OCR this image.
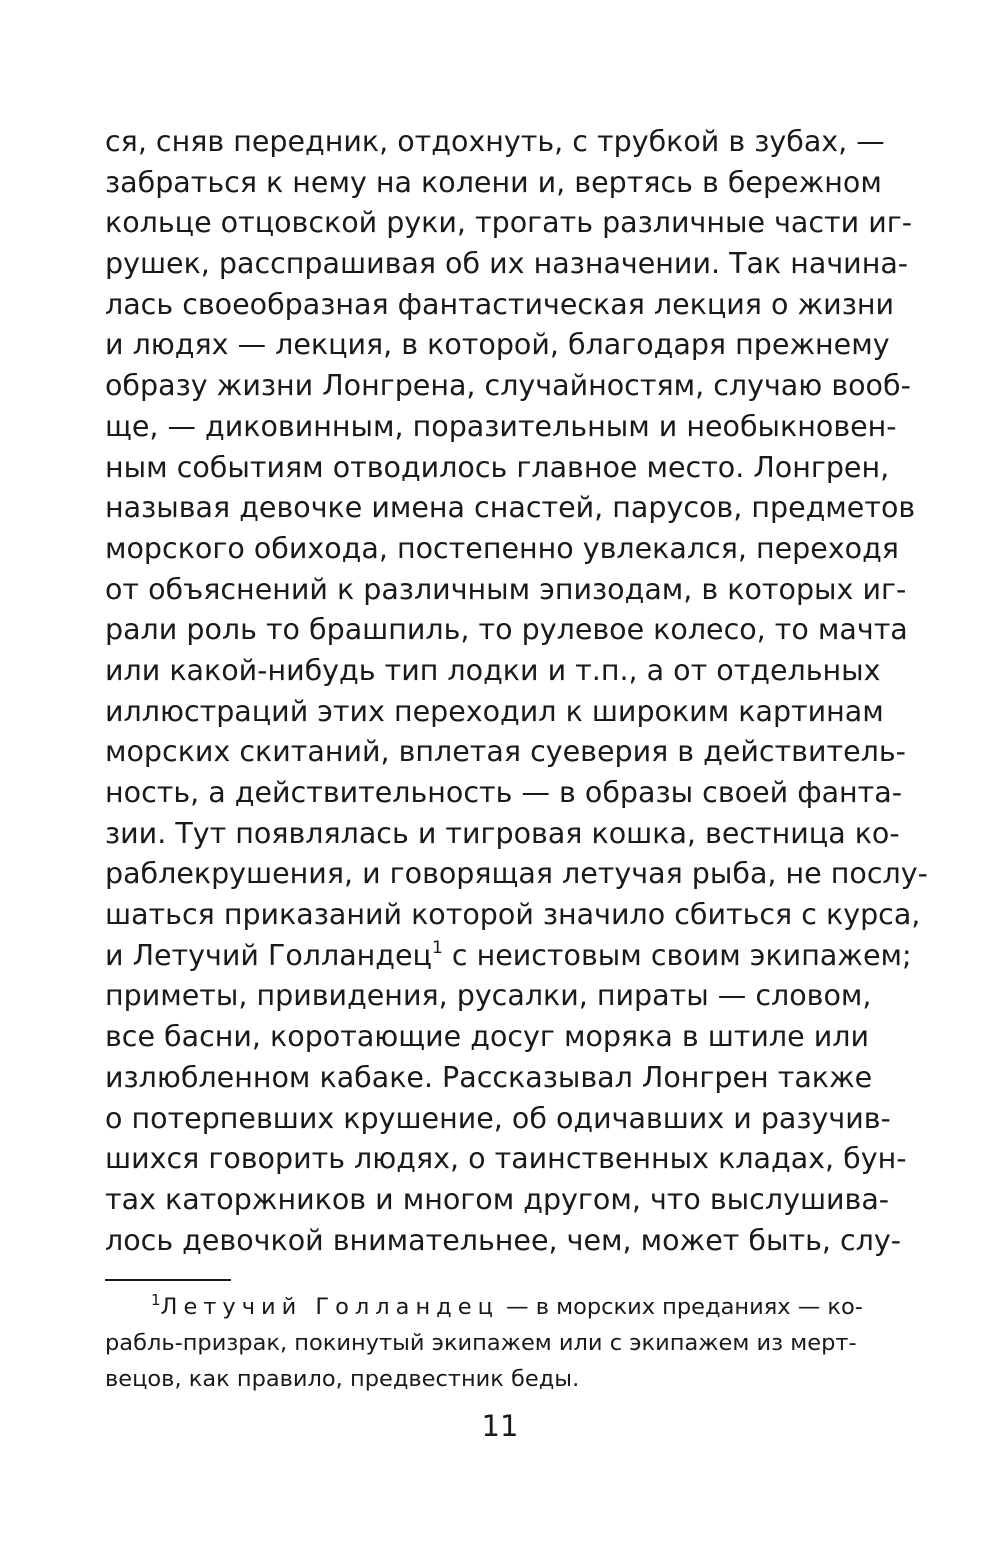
ся, сняв передник, отдохнуть, с трубкой в зубах, —
забраться к нему на колени и, вертясь в бережном
кольце отцовской руки, трогать различные части иг-
рушек, расспрашивая об их назначении. Так начина-
лась своеобразная фантастическая лекция о жизни
и людях — лекция, в которой, благодаря прежнему
образу жизни Лонгрена, случайностям, случаю вооб-
ще, — диковинным, поразительным и необыкновен-
ным событиям отводилось главное место. Лонгрен,
называя девочке имена снастей, парусов, предметов
морского обихода, постепенно увлекался, переходя
от объяснений к различным эпизодам, в которых иг-
рали роль то брашпиль, то рулевое колесо, то мачта
или какой-нибудь тип лодки и т.п., а от отдельных
иллюстраций этих переходил к широким картинам
морских скитаний, вплетая суеверия в действитель-
ность, а действительность — в образы своей фанта-
зии. Тут появлялась и тигровая кошка, вестница ко-
раблекрушения, и говорящая летучая рыба, не послу-
шаться приказаний которой значило сбиться с курса,
и Летучий Голландец$^1$ с неистовым своим экипажем;
приметы, привидения, русалки, пираты — словом,
все басни, коротающие досуг моряка в штиле или
излюбленном кабаке. Рассказывал Лонгрен также
о потерпевших крушение, об одичавших и разучив-
шихся говорить людях, о таинственных кладах, бун-
тах каторжников и многом другом, что выслушива-
лось девочкой внимательнее, чем, может быть, слу-
$^1$Летучий Голландец — в морских преданиях — ко-
рабль-призрак, покинутый экипажем или с экипажем из мерт-
вецов, как правило, предвестник беды.
11
